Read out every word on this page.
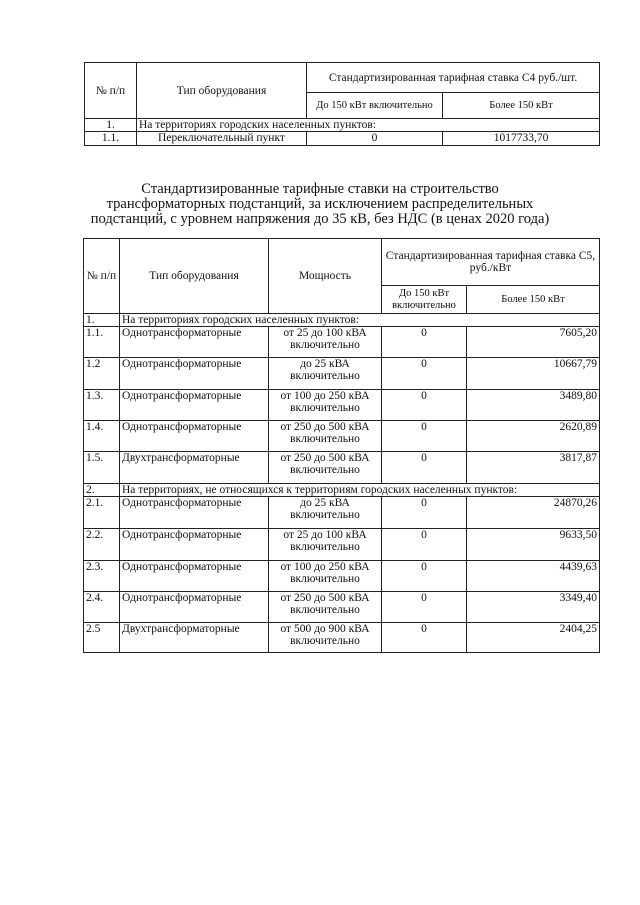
№ п/п	Тип оборудования	Стандартизированная тарифная ставка С4 руб./шт.	
		До 150 кВт включительно	Более 150 кВт
1.	На территориях городских населенных пунктов:		
1.1.	Переключательный пункт	0	1017733,70
Стандартизированные тарифные ставки на строительство
трансформаторных подстанций, за исключением распределительных
подстанций, с уровнем напряжения до 35 кВ, без НДС (в ценах 2020 года)
№ п/п	Тип оборудования	Мощность	Стандартизированная тарифная ставка С5, руб./кВт	
			До 150 кВт включительно	Более 150 кВт
1.	На территориях городских населенных пунктов:			
1.1.	Однотрансформаторные	от 25 до 100 кВА включительно	0	7605,20
1.2	Однотрансформаторные	до 25 кВА включительно	0	10667,79
1.3.	Однотрансформаторные	от 100 до 250 кВА включительно	0	3489,80
1.4.	Однотрансформаторные	от 250 до 500 кВА включительно	0	2620,89
1.5.	Двухтрансформаторные	от 250 до 500 кВА включительно	0	3817,87
2.	На территориях, не относящихся к территориям городских населенных пунктов:			
2.1.	Однотрансформаторные	до 25 кВА включительно	0	24870,26
2.2.	Однотрансформаторные	от 25 до 100 кВА включительно	0	9633,50
2.3.	Однотрансформаторные	от 100 до 250 кВА включительно	0	4439,63
2.4.	Однотрансформаторные	от 250 до 500 кВА включительно	0	3349,40
2.5	Двухтрансформаторные	от 500 до 900 кВА включительно	0	2404,25
